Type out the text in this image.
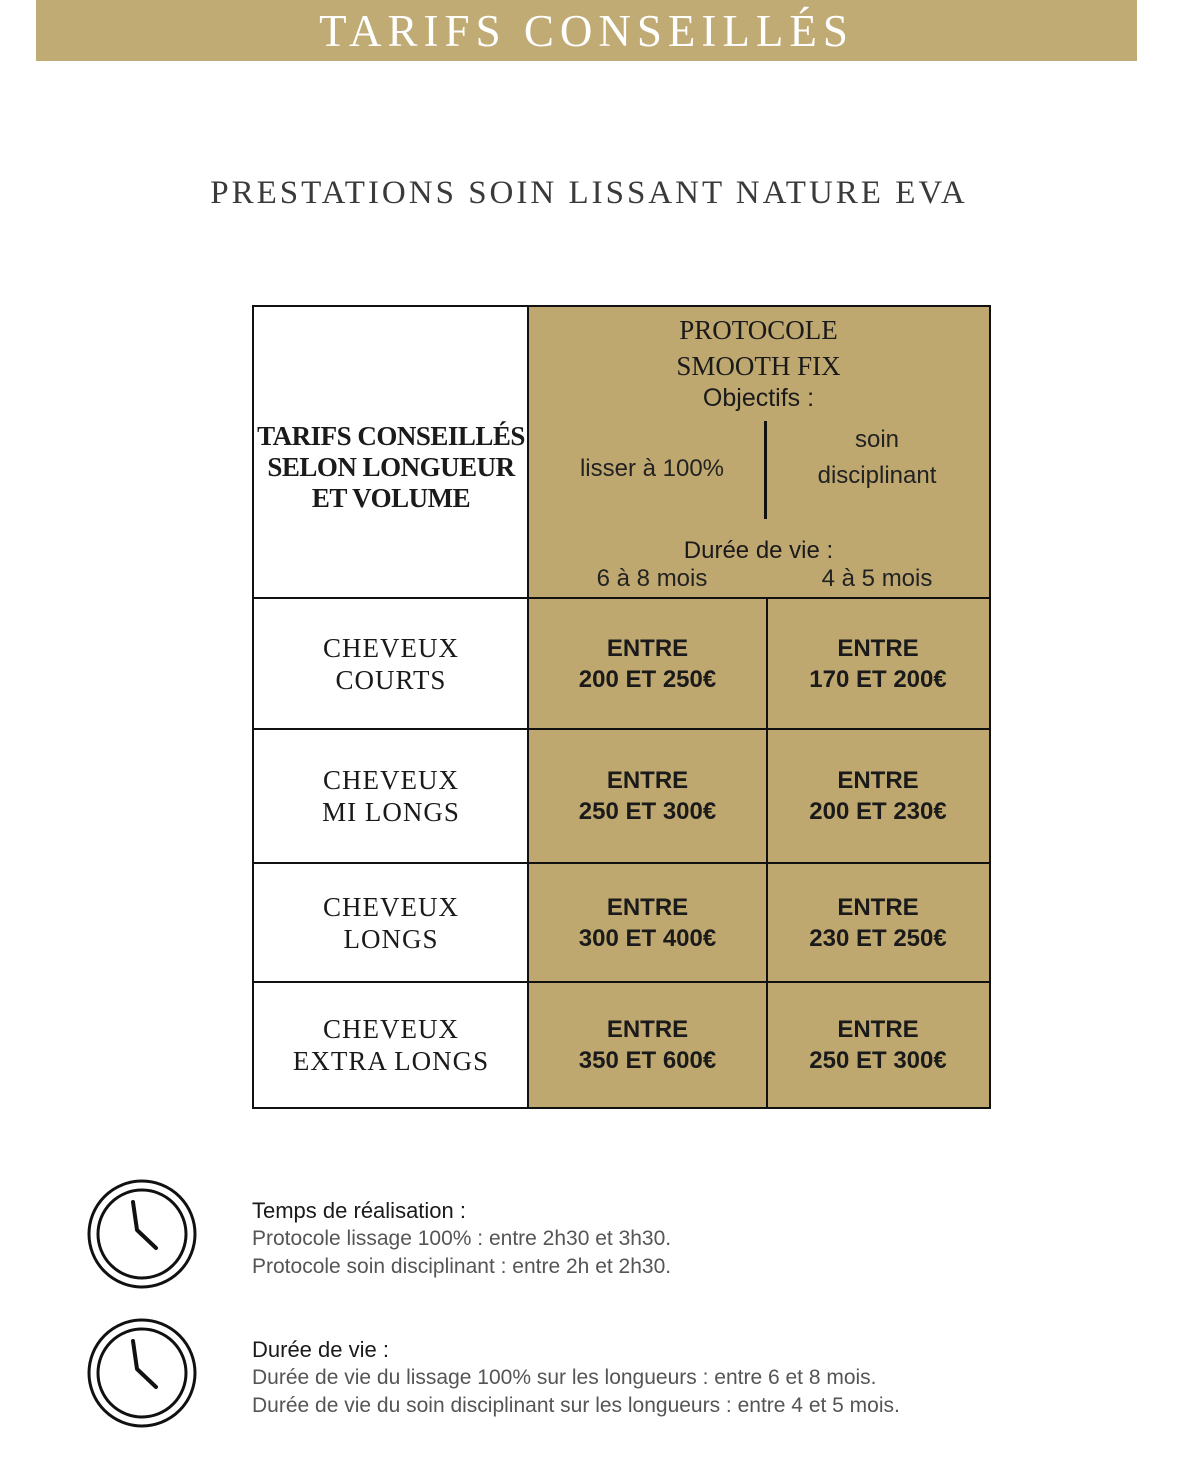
TARIFS CONSEILLÉS
PRESTATIONS SOIN LISSANT NATURE EVA
TARIFS CONSEILLÉS SELON LONGUEUR ET VOLUME
PROTOCOLE
SMOOTH FIX
Objectifs :
lisser à 100%
soin
disciplinant
Durée de vie :
6 à 8 mois	4 à 5 mois
CHEVEUX
COURTS
ENTRE
200 ET 250€
ENTRE
170 ET 200€
CHEVEUX
MI LONGS
ENTRE
250 ET 300€
ENTRE
200 ET 230€
CHEVEUX
LONGS
ENTRE
300 ET 400€
ENTRE
230 ET 250€
CHEVEUX
EXTRA LONGS
ENTRE
350 ET 600€
ENTRE
250 ET 300€
Temps de réalisation :
Protocole lissage 100% : entre 2h30 et 3h30.
Protocole soin disciplinant : entre 2h et 2h30.
Durée de vie :
Durée de vie du lissage 100% sur les longueurs : entre 6 et 8 mois.
Durée de vie du soin disciplinant sur les longueurs : entre 4 et 5 mois.
